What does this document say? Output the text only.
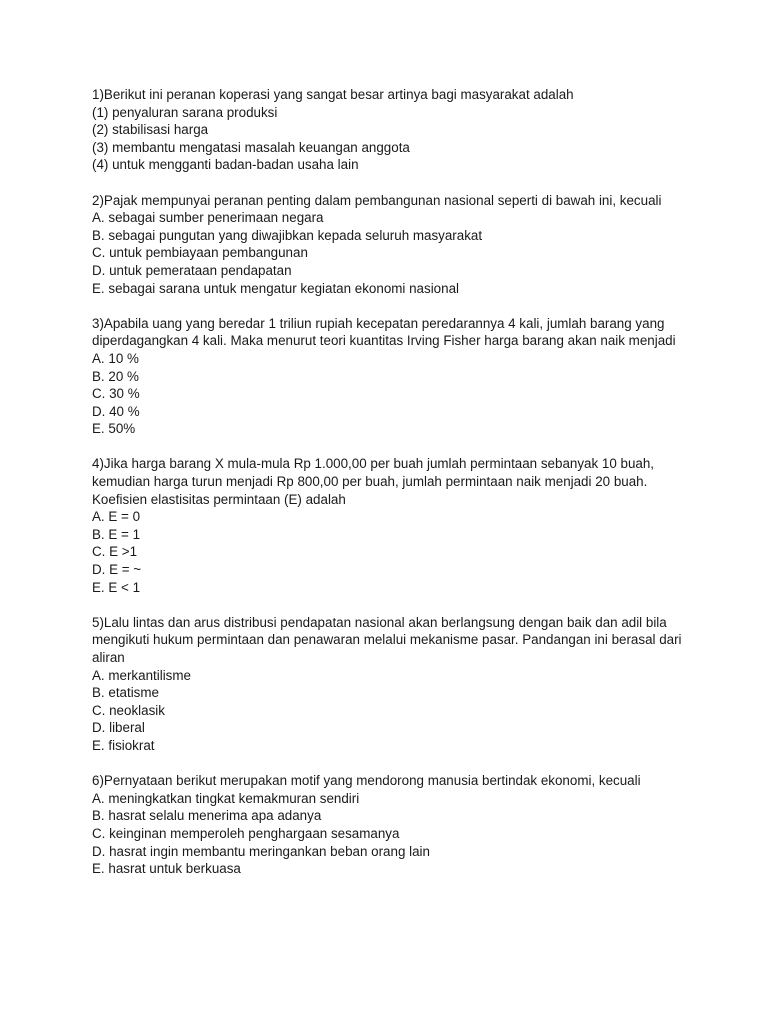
1)Berikut ini peranan koperasi yang sangat besar artinya bagi masyarakat adalah
(1) penyaluran sarana produksi
(2) stabilisasi harga
(3) membantu mengatasi masalah keuangan anggota
(4) untuk mengganti badan-badan usaha lain
2)Pajak mempunyai peranan penting dalam pembangunan nasional seperti di bawah ini, kecuali
A. sebagai sumber penerimaan negara
B. sebagai pungutan yang diwajibkan kepada seluruh masyarakat
C. untuk pembiayaan pembangunan
D. untuk pemerataan pendapatan
E. sebagai sarana untuk mengatur kegiatan ekonomi nasional
3)Apabila uang yang beredar 1 triliun rupiah kecepatan peredarannya 4 kali, jumlah barang yang diperdagangkan 4 kali. Maka menurut teori kuantitas Irving Fisher harga barang akan naik menjadi
A. 10 %
B. 20 %
C. 30 %
D. 40 %
E. 50%
4)Jika harga barang X mula-mula Rp 1.000,00 per buah jumlah permintaan sebanyak 10 buah, kemudian harga turun menjadi Rp 800,00 per buah, jumlah permintaan naik menjadi 20 buah. Koefisien elastisitas permintaan (E) adalah
A. E = 0
B. E = 1
C. E >1
D. E = ~
E. E < 1
5)Lalu lintas dan arus distribusi pendapatan nasional akan berlangsung dengan baik dan adil bila mengikuti hukum permintaan dan penawaran melalui mekanisme pasar. Pandangan ini berasal dari aliran
A. merkantilisme
B. etatisme
C. neoklasik
D. liberal
E. fisiokrat
6)Pernyataan berikut merupakan motif yang mendorong manusia bertindak ekonomi, kecuali
A. meningkatkan tingkat kemakmuran sendiri
B. hasrat selalu menerima apa adanya
C. keinginan memperoleh penghargaan sesamanya
D. hasrat ingin membantu meringankan beban orang lain
E. hasrat untuk berkuasa
